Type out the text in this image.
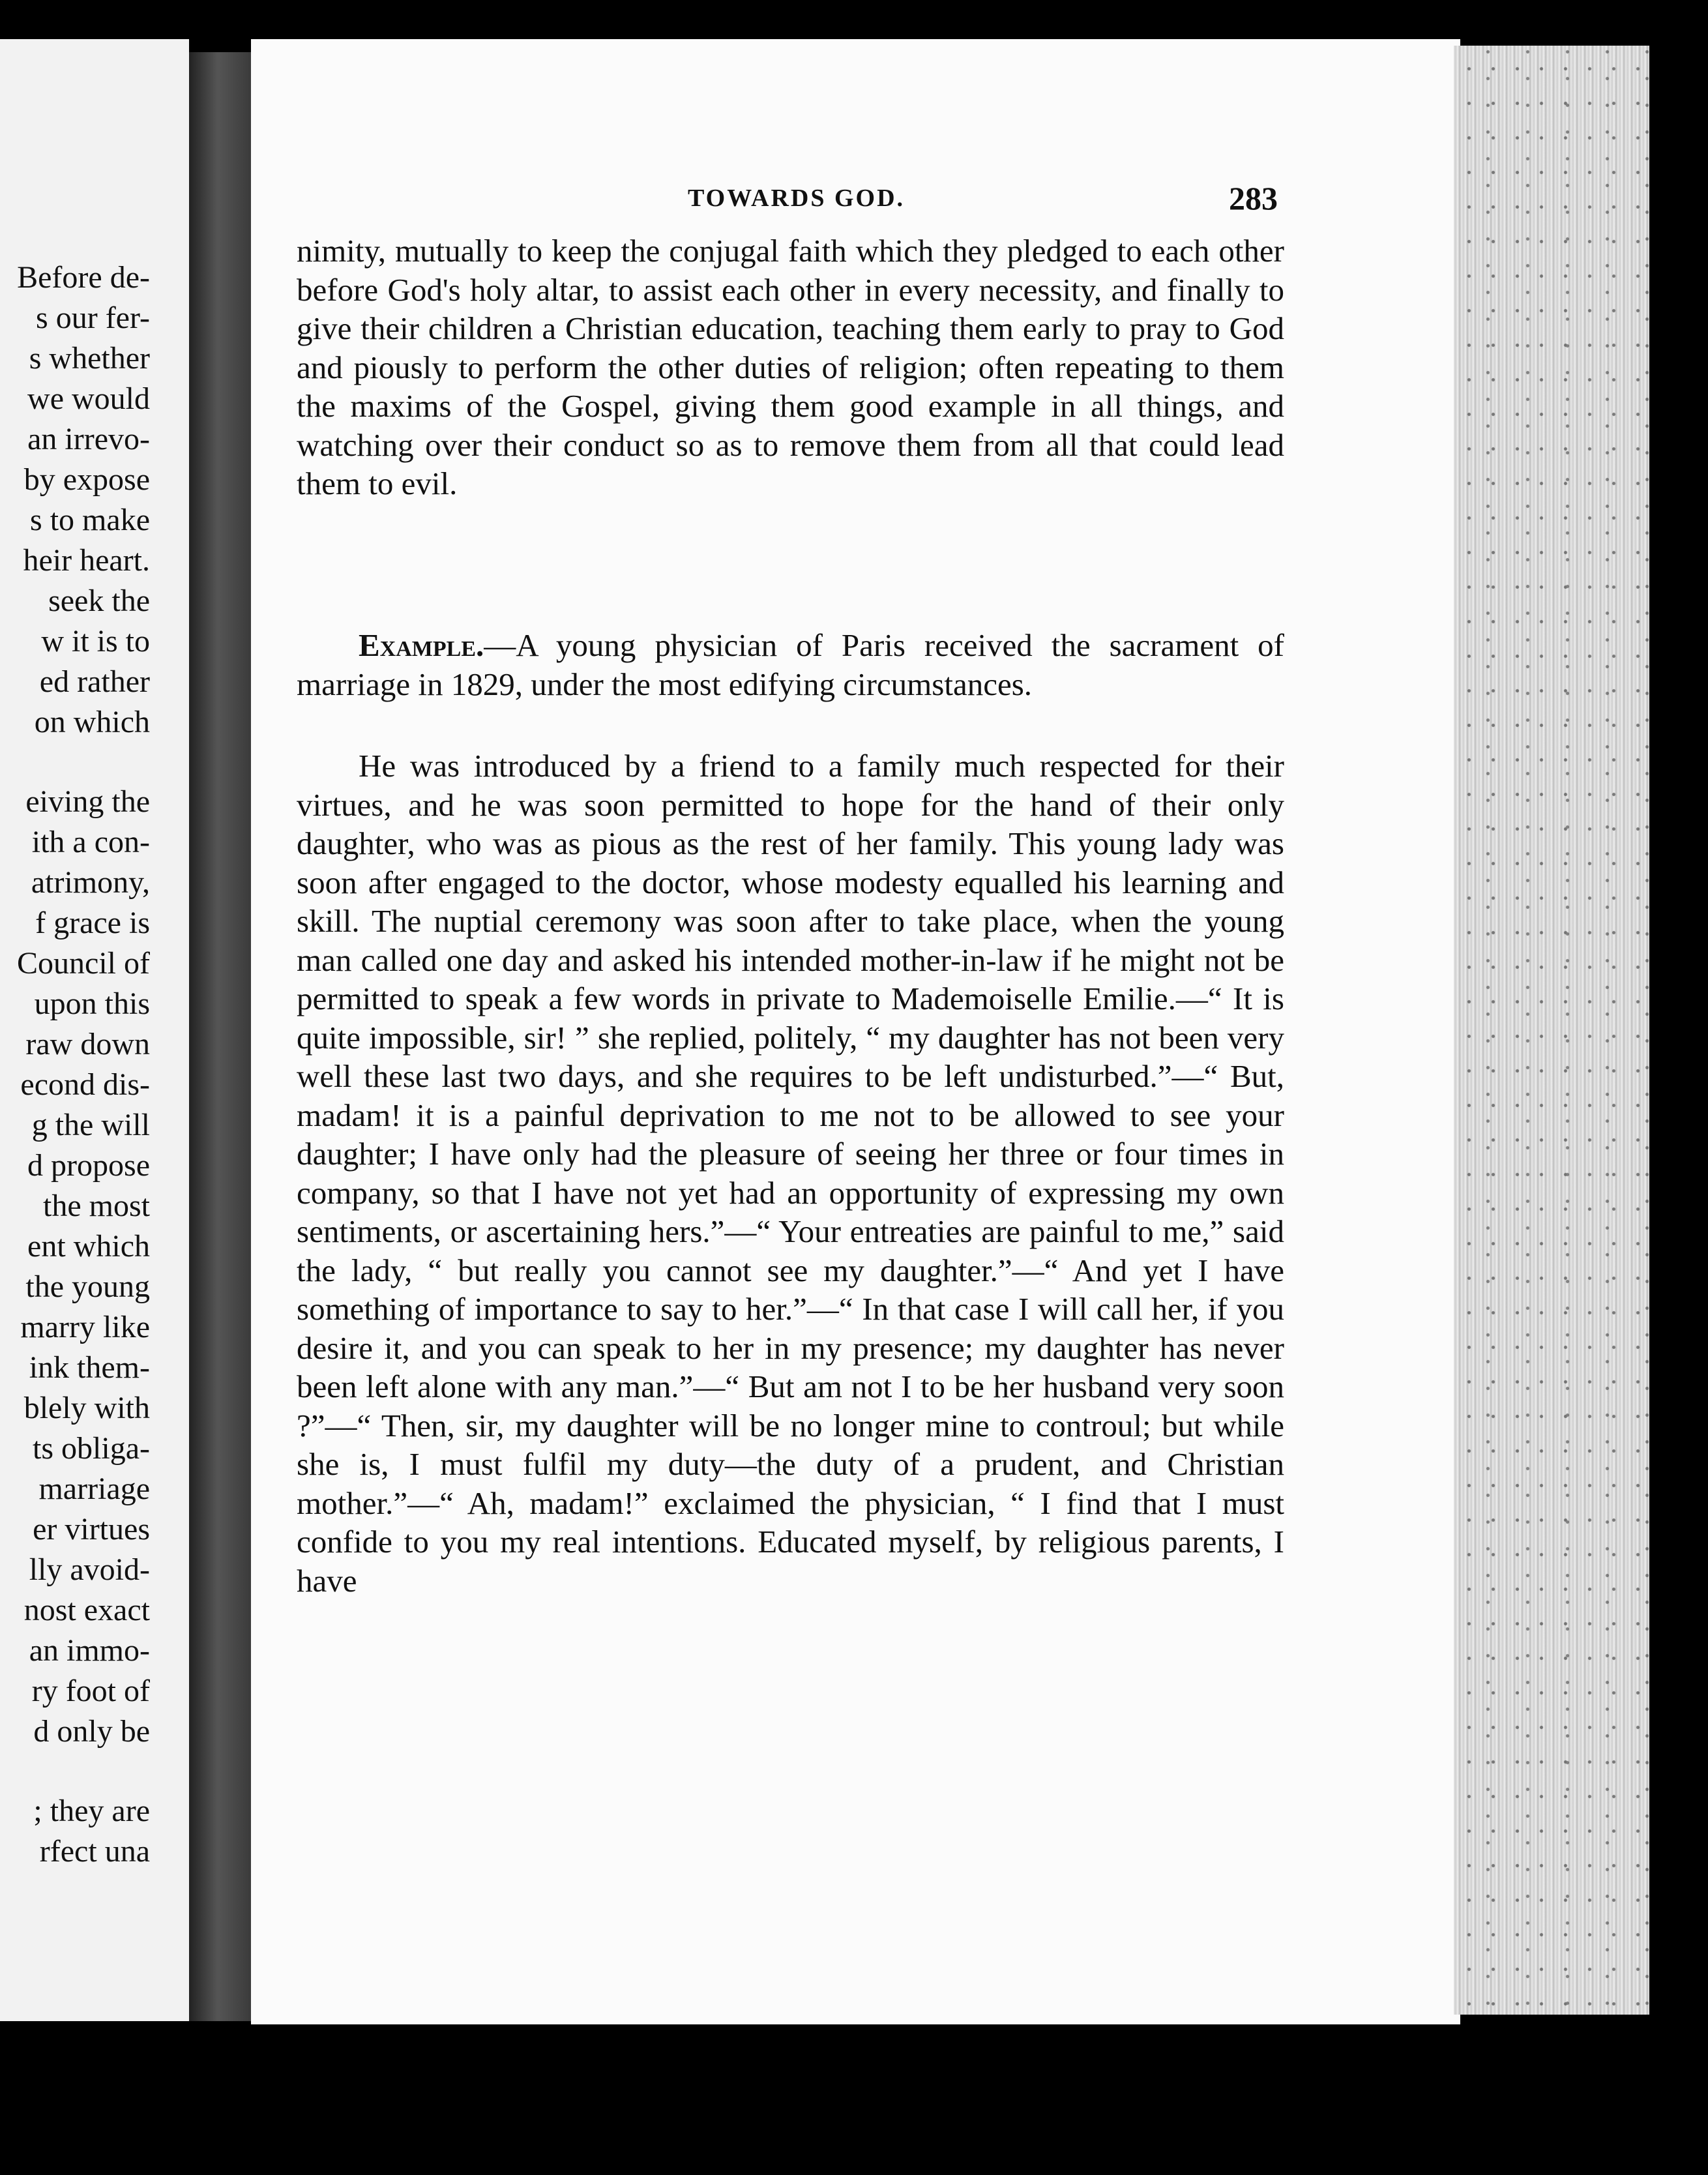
Before de-
s our fer-
s whether
we would
an irrevo-
by expose
s to make
heir heart.
seek the
w it is to
ed rather
on which
eiving the
ith a con-
atrimony,
f grace is
Council of
upon this
raw down
econd dis-
g the will
d propose
the most
ent which
the young
marry like
ink them-
blely with
ts obliga-
marriage
er virtues
lly avoid-
nost exact
an immo-
ry foot of
d only be
; they are
rfect una
TOWARDS GOD.	283

nimity, mutually to keep the conjugal faith which they pledged to each other before God's holy altar, to assist each other in every necessity, and finally to give their children a Christian education, teaching them early to pray to God and piously to perform the other duties of religion; often repeating to them the maxims of the Gospel, giving them good example in all things, and watching over their conduct so as to remove them from all that could lead them to evil.

Example.—A young physician of Paris received the sacrament of marriage in 1829, under the most edifying circumstances.

He was introduced by a friend to a family much respected for their virtues, and he was soon permitted to hope for the hand of their only daughter, who was as pious as the rest of her family. This young lady was soon after engaged to the doctor, whose modesty equalled his learning and skill. The nuptial ceremony was soon after to take place, when the young man called one day and asked his intended mother-in-law if he might not be permitted to speak a few words in private to Mademoiselle Emilie.—“ It is quite impossible, sir! ” she replied, politely, “ my daughter has not been very well these last two days, and she requires to be left undisturbed.”—“ But, madam! it is a painful deprivation to me not to be allowed to see your daughter; I have only had the pleasure of seeing her three or four times in company, so that I have not yet had an opportunity of expressing my own sentiments, or ascertaining hers.”—“ Your entreaties are painful to me,” said the lady, “ but really you cannot see my daughter.”—“ And yet I have something of importance to say to her.”—“ In that case I will call her, if you desire it, and you can speak to her in my presence; my daughter has never been left alone with any man.”—“ But am not I to be her husband very soon ?”—“ Then, sir, my daughter will be no longer mine to controul; but while she is, I must fulfil my duty—the duty of a prudent, and Christian mother.”—“ Ah, madam!” exclaimed the physician, “ I find that I must confide to you my real intentions. Educated myself, by religious parents, I have
